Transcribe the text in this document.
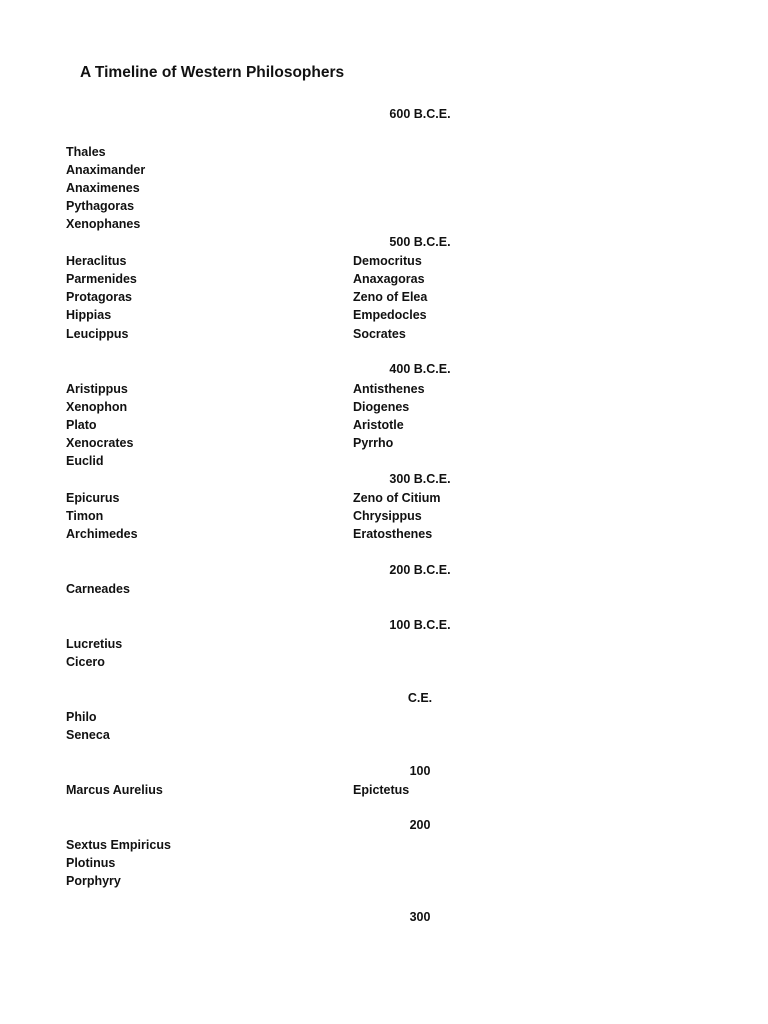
A Timeline of Western Philosophers
600 B.C.E.
500 B.C.E.
400 B.C.E.
300 B.C.E.
200 B.C.E.
100 B.C.E.
C.E.
100
200
300
Thales
Anaximander
Anaximenes
Pythagoras
Xenophanes
Heraclitus
Parmenides
Protagoras
Hippias
Leucippus
Democritus
Anaxagoras
Zeno of Elea
Empedocles
Socrates
Aristippus
Xenophon
Plato
Xenocrates
Euclid
Antisthenes
Diogenes
Aristotle
Pyrrho
Epicurus
Timon
Archimedes
Zeno of Citium
Chrysippus
Eratosthenes
Carneades
Lucretius
Cicero
Philo
Seneca
Marcus Aurelius	Epictetus
Sextus Empiricus
Plotinus
Porphyry
